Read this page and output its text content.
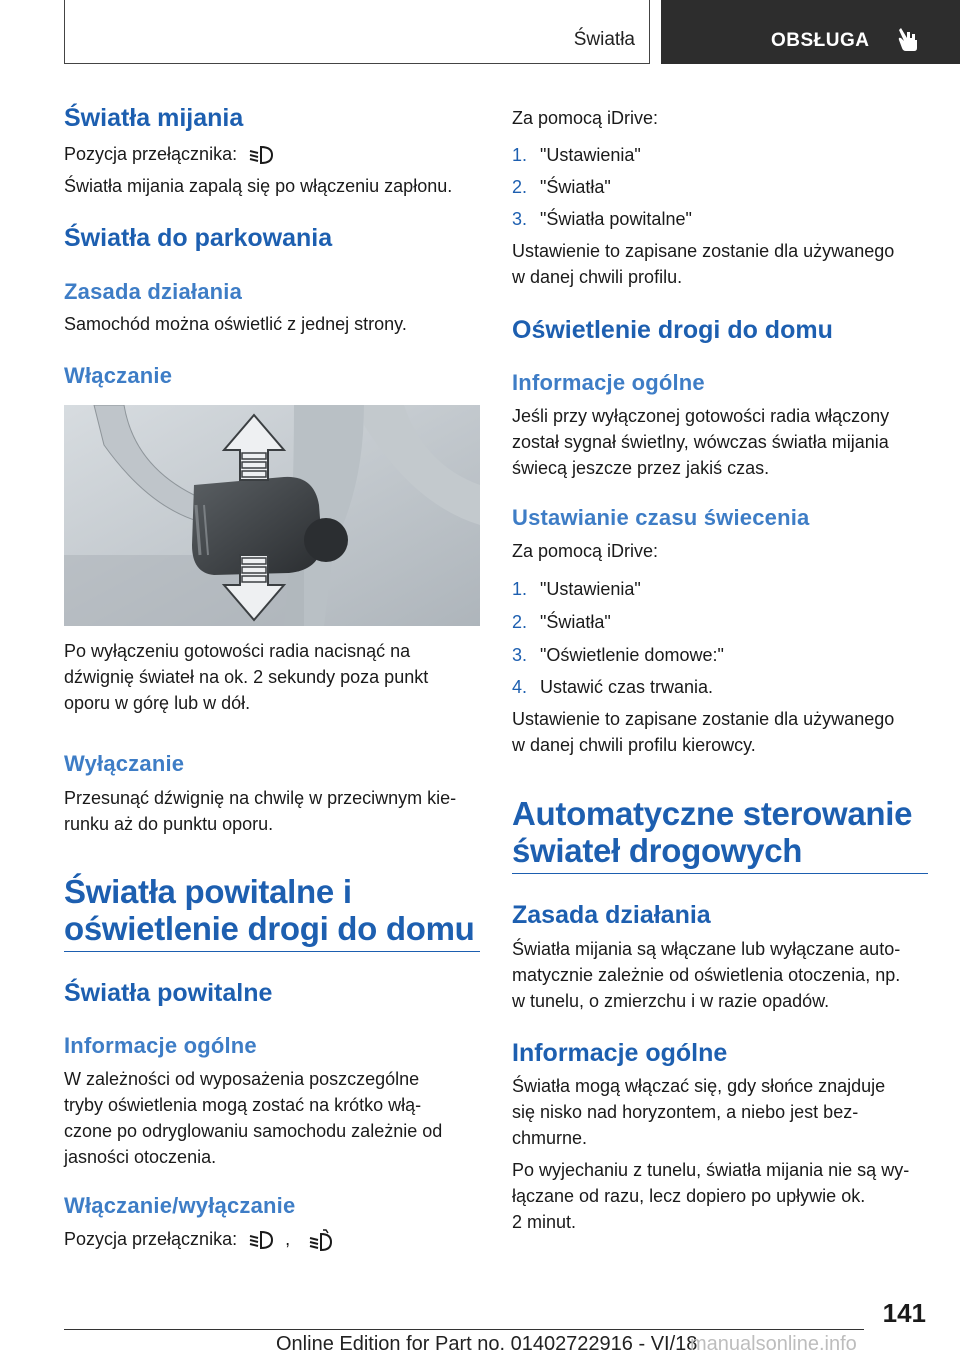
Światła	OBSŁUGA
Światła mijania
Pozycja przełącznika:
Światła mijania zapalą się po włączeniu zapłonu.
Światła do parkowania
Zasada działania
Samochód można oświetlić z jednej strony.
Włączanie
Po wyłączeniu gotowości radia nacisnąć na
dźwignię świateł na ok. 2 sekundy poza punkt
oporu w górę lub w dół.
Wyłączanie
Przesunąć dźwignię na chwilę w przeciwnym kie‐
runku aż do punktu oporu.
Światła powitalne i
oświetlenie drogi do domu
Światła powitalne
Informacje ogólne
W zależności od wyposażenia poszczególne
tryby oświetlenia mogą zostać na krótko włą‐
czone po odryglowaniu samochodu zależnie od
jasności otoczenia.
Włączanie/wyłączanie
Pozycja przełącznika:	,
Za pomocą iDrive:
1. "Ustawienia"
2. "Światła"
3. "Światła powitalne"
Ustawienie to zapisane zostanie dla używanego
w danej chwili profilu.
Oświetlenie drogi do domu
Informacje ogólne
Jeśli przy wyłączonej gotowości radia włączony
został sygnał świetlny, wówczas światła mijania
świecą jeszcze przez jakiś czas.
Ustawianie czasu świecenia
Za pomocą iDrive:
1. "Ustawienia"
2. "Światła"
3. "Oświetlenie domowe:"
4. Ustawić czas trwania.
Ustawienie to zapisane zostanie dla używanego
w danej chwili profilu kierowcy.
Automatyczne sterowanie
świateł drogowych
Zasada działania
Światła mijania są włączane lub wyłączane auto‐
matycznie zależnie od oświetlenia otoczenia, np.
w tunelu, o zmierzchu i w razie opadów.
Informacje ogólne
Światła mogą włączać się, gdy słońce znajduje
się nisko nad horyzontem, a niebo jest bez‐
chmurne.
Po wyjechaniu z tunelu, światła mijania nie są wy‐
łączane od razu, lecz dopiero po upływie ok.
2 minut.
141
Online Edition for Part no. 01402722916 - VI/18
manualsonline.info
